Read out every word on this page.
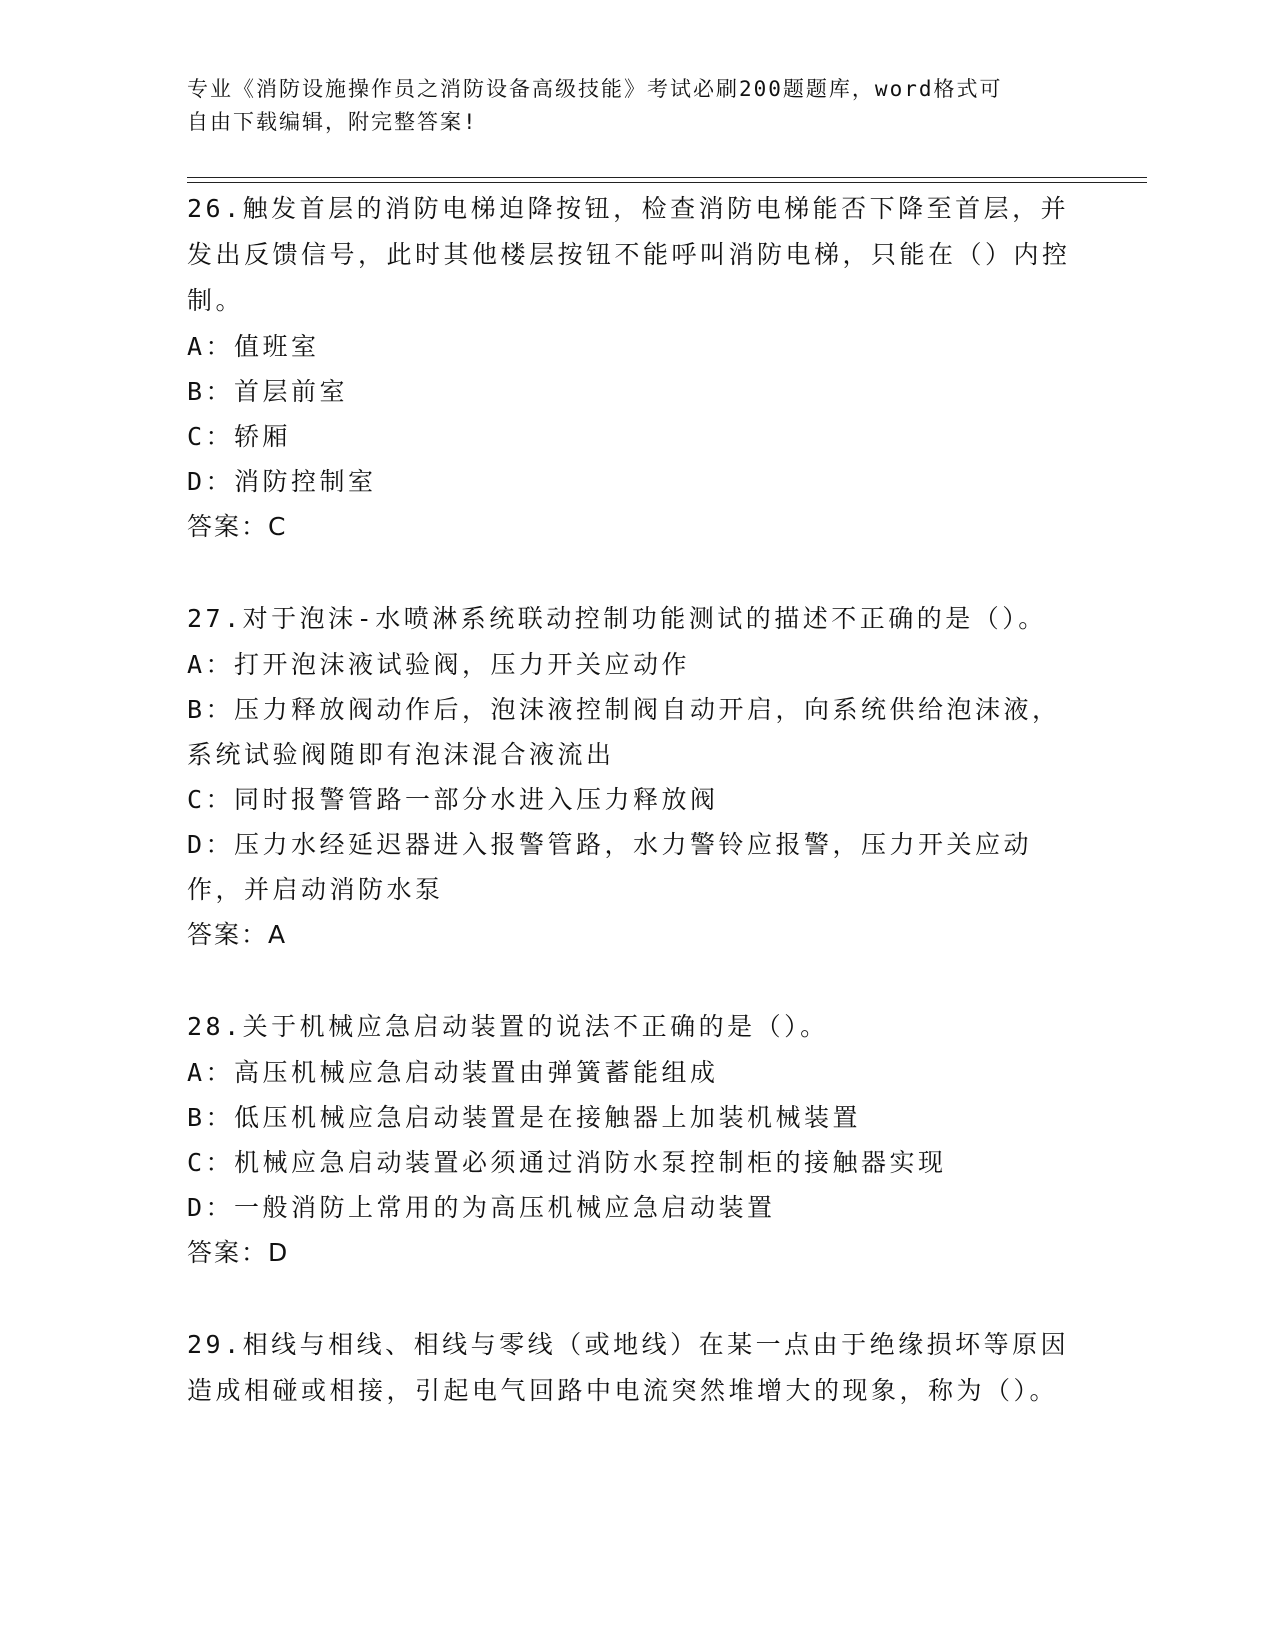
专业《消防设施操作员之消防设备高级技能》考试必刷200题题库，word格式可
自由下载编辑，附完整答案!
26.触发首层的消防电梯迫降按钮，检查消防电梯能否下降至首层，并发出反馈信号，此时其他楼层按钮不能呼叫消防电梯，只能在（）内控制。
A：值班室
B：首层前室
C：轿厢
D：消防控制室
答案：C
27.对于泡沫-水喷淋系统联动控制功能测试的描述不正确的是（）。
A：打开泡沫液试验阀，压力开关应动作
B：压力释放阀动作后，泡沫液控制阀自动开启，向系统供给泡沫液，系统试验阀随即有泡沫混合液流出
C：同时报警管路一部分水进入压力释放阀
D：压力水经延迟器进入报警管路，水力警铃应报警，压力开关应动作，并启动消防水泵
答案：A
28.关于机械应急启动装置的说法不正确的是（）。
A：高压机械应急启动装置由弹簧蓄能组成
B：低压机械应急启动装置是在接触器上加装机械装置
C：机械应急启动装置必须通过消防水泵控制柜的接触器实现
D：一般消防上常用的为高压机械应急启动装置
答案：D
29.相线与相线、相线与零线（或地线）在某一点由于绝缘损坏等原因造成相碰或相接，引起电气回路中电流突然堆增大的现象，称为（）。
